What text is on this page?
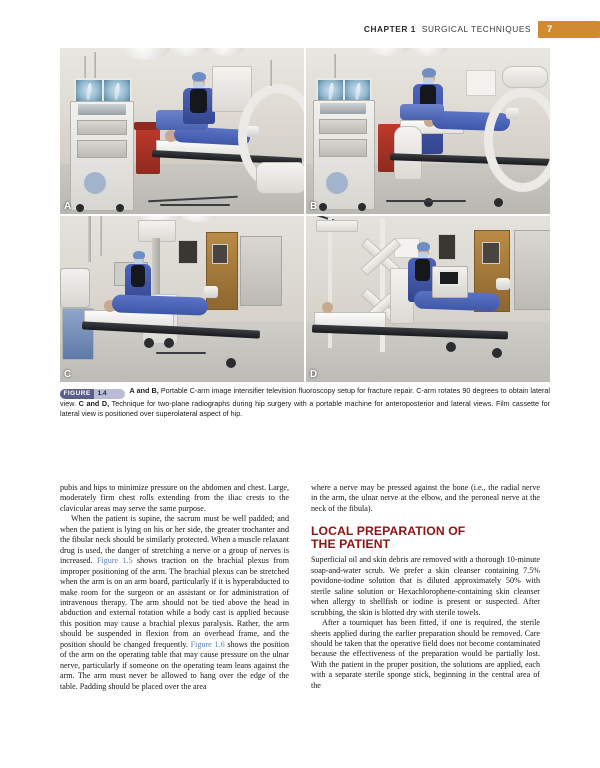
CHAPTER 1 SURGICAL TECHNIQUES	7
A	B
C	D
FIGURE	1.4	A and B, Portable C-arm image intensifier television fluoroscopy setup for fracture repair. C-arm rotates 90 degrees to obtain lateral view. C and D, Technique for two-plane radiographs during hip surgery with a portable machine for anteroposterior and lateral views. Film cassette for lateral view is positioned over superolateral aspect of hip.

pubis and hips to minimize pressure on the abdomen and chest. Large, moderately firm chest rolls extending from the iliac crests to the clavicular areas may serve the same purpose.

When the patient is supine, the sacrum must be well padded; and when the patient is lying on his or her side, the greater trochanter and the fibular neck should be similarly protected. When a muscle relaxant drug is used, the danger of stretching a nerve or a group of nerves is increased. Figure 1.5 shows traction on the brachial plexus from improper positioning of the arm. The brachial plexus can be stretched when the arm is on an arm board, particularly if it is hyperabducted to make room for the surgeon or an assistant or for administration of intravenous therapy. The arm should not be tied above the head in abduction and external rotation while a body cast is applied because this position may cause a brachial plexus paralysis. Rather, the arm should be suspended in flexion from an overhead frame, and the position should be changed frequently. Figure 1.6 shows the position of the arm on the operating table that may cause pressure on the ulnar nerve, particularly if someone on the operating team leans against the arm. The arm must never be allowed to hang over the edge of the table. Padding should be placed over the area

where a nerve may be pressed against the bone (i.e., the radial nerve in the arm, the ulnar nerve at the elbow, and the peroneal nerve at the neck of the fibula).

LOCAL PREPARATION OF
THE PATIENT

Superficial oil and skin debris are removed with a thorough 10-minute soap-and-water scrub. We prefer a skin cleanser containing 7.5% povidone-iodine solution that is diluted approximately 50% with sterile saline solution or Hexachlorophene-containing skin cleanser when allergy to shellfish or iodine is present or suspected. After scrubbing, the skin is blotted dry with sterile towels.

After a tourniquet has been fitted, if one is required, the sterile sheets applied during the earlier preparation should be removed. Care should be taken that the operative field does not become contaminated because the effectiveness of the preparation would be partially lost. With the patient in the proper position, the solutions are applied, each with a separate sterile sponge stick, beginning in the central area of the
